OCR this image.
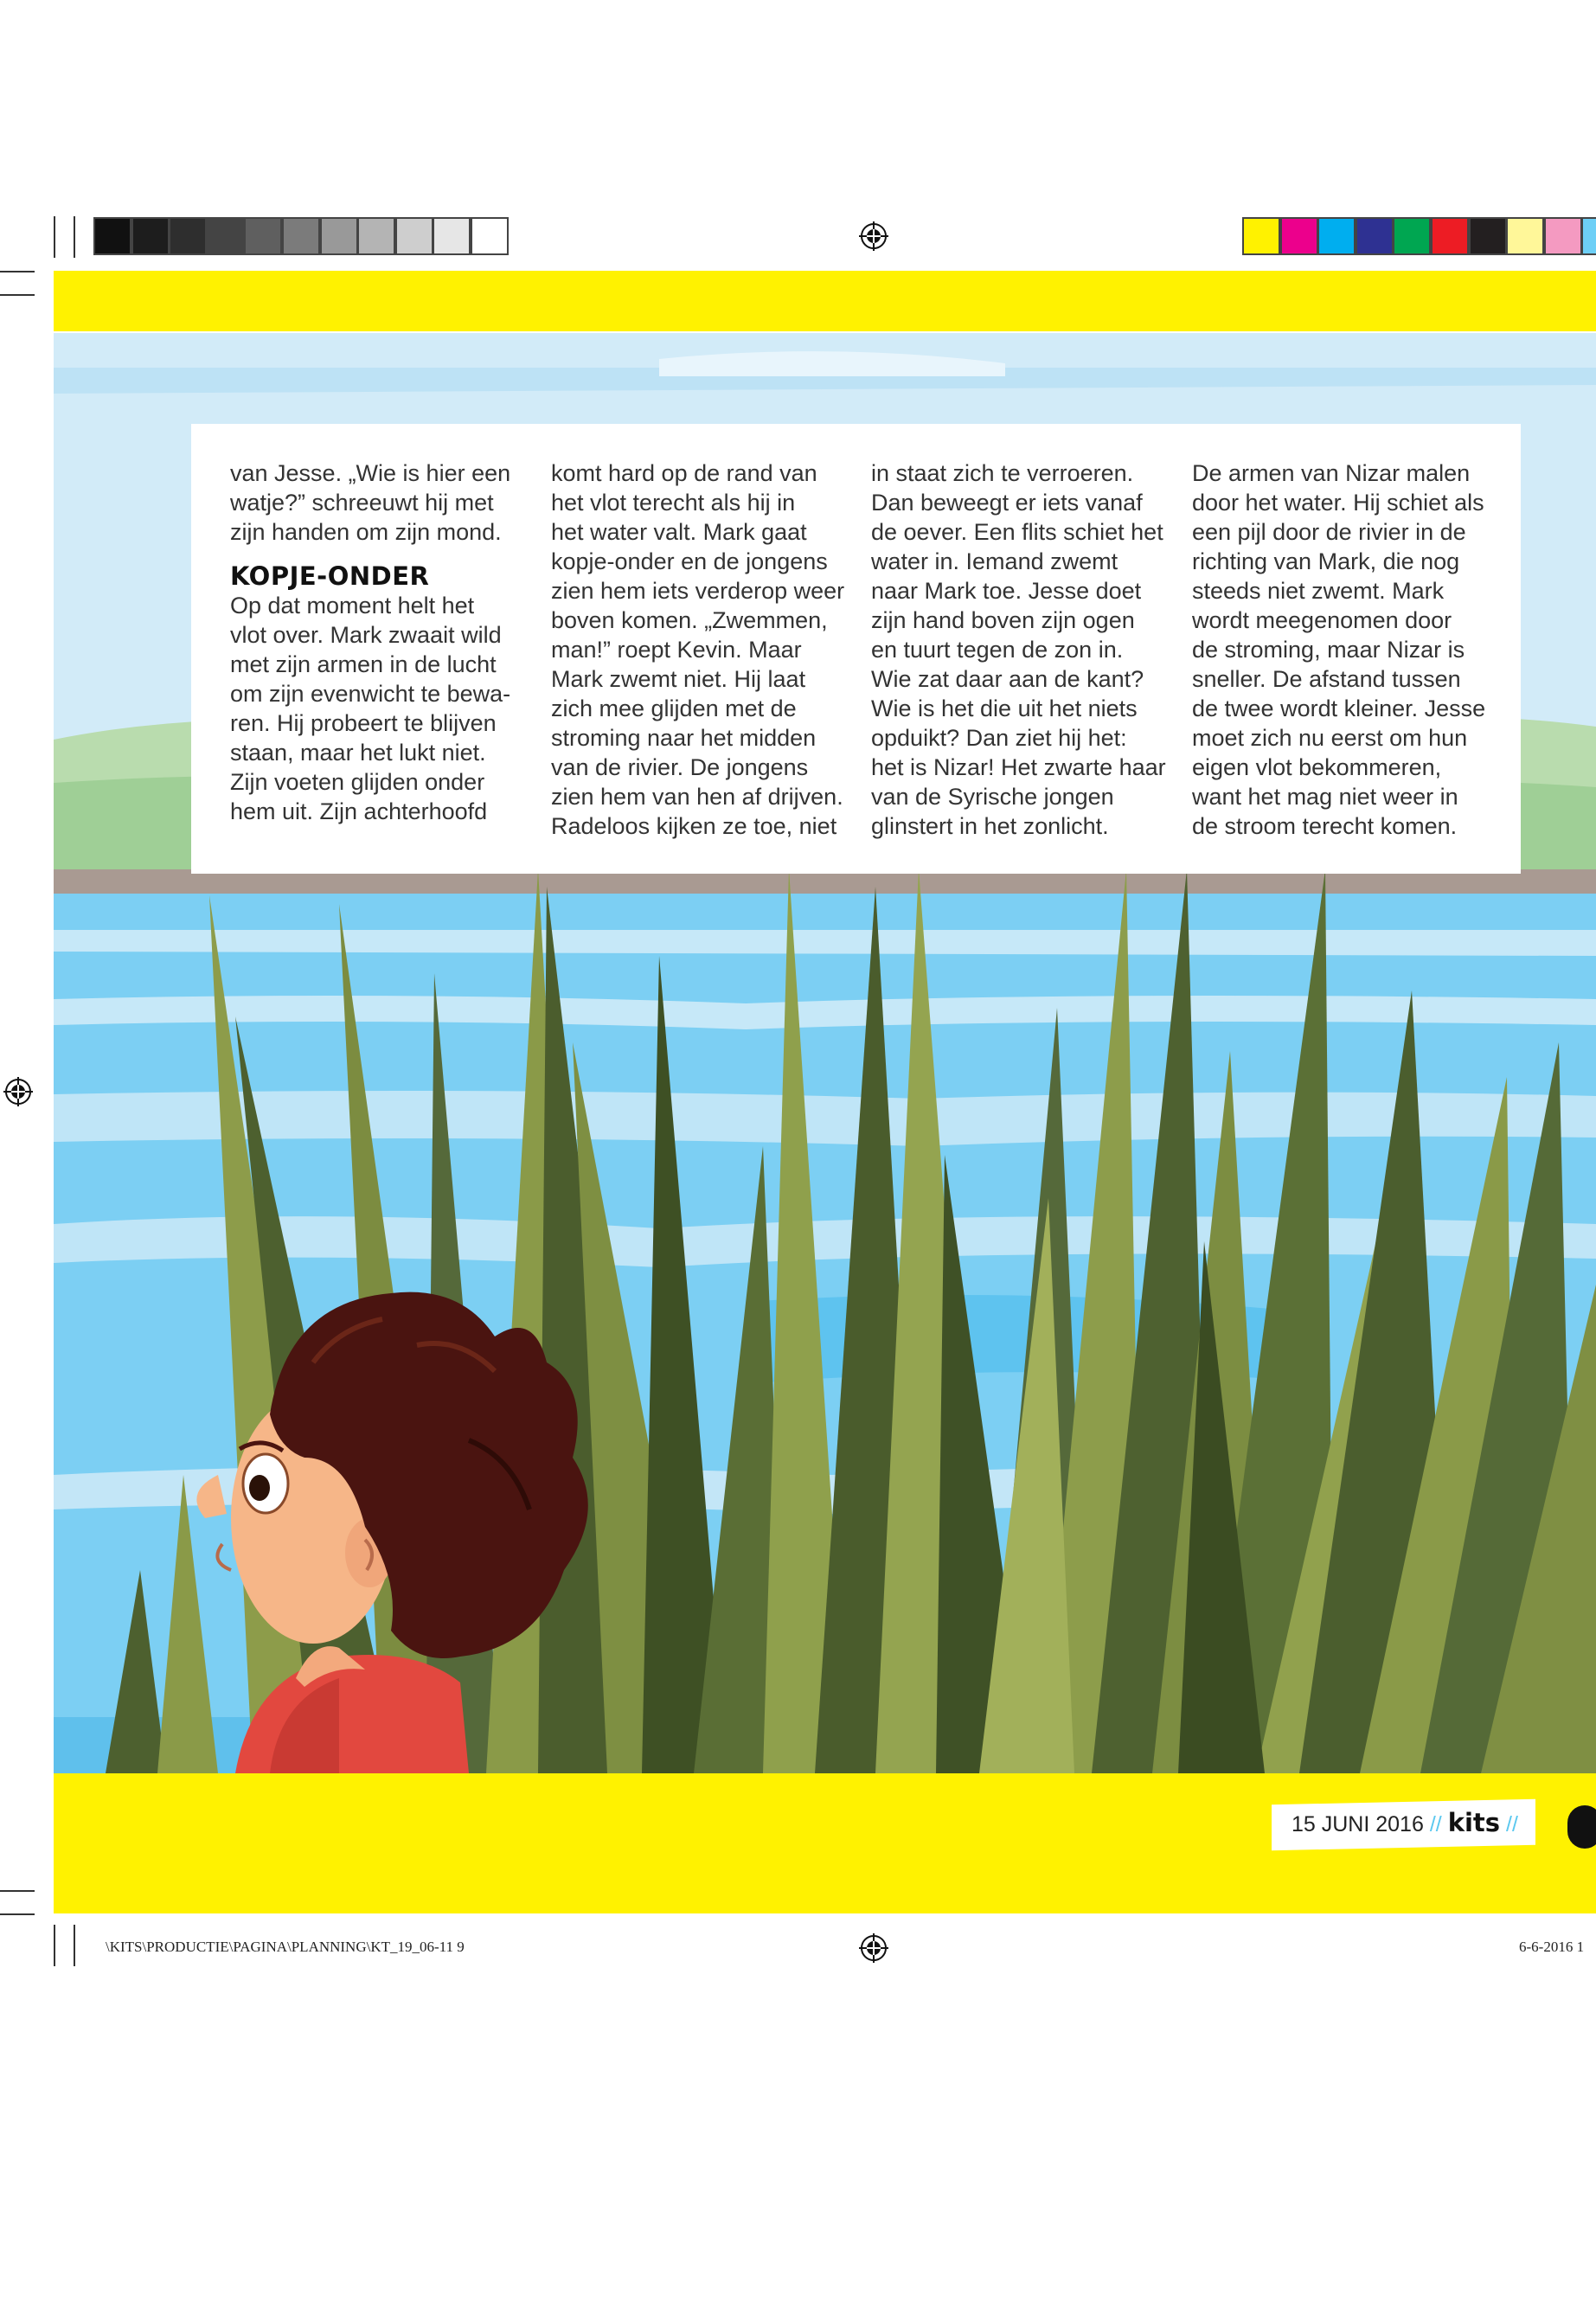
van Jesse. „Wie is hier een
watje?” schreeuwt hij met
zijn handen om zijn mond.

KOPJE-ONDER

Op dat moment helt het
vlot over. Mark zwaait wild
met zijn armen in de lucht
om zijn evenwicht te bewa-
ren. Hij probeert te blijven
staan, maar het lukt niet.
Zijn voeten glijden onder
hem uit. Zijn achterhoofd

komt hard op de rand van
het vlot terecht als hij in
het water valt. Mark gaat
kopje-onder en de jongens
zien hem iets verderop weer
boven komen. „Zwemmen,
man!” roept Kevin. Maar
Mark zwemt niet. Hij laat
zich mee glijden met de
stroming naar het midden
van de rivier. De jongens
zien hem van hen af drijven.
Radeloos kijken ze toe, niet

in staat zich te verroeren.
Dan beweegt er iets vanaf
de oever. Een flits schiet het
water in. Iemand zwemt
naar Mark toe. Jesse doet
zijn hand boven zijn ogen
en tuurt tegen de zon in.
Wie zat daar aan de kant?
Wie is het die uit het niets
opduikt? Dan ziet hij het:
het is Nizar! Het zwarte haar
van de Syrische jongen
glinstert in het zonlicht.

De armen van Nizar malen
door het water. Hij schiet als
een pijl door de rivier in de
richting van Mark, die nog
steeds niet zwemt. Mark
wordt meegenomen door
de stroming, maar Nizar is
sneller. De afstand tussen
de twee wordt kleiner. Jesse
moet zich nu eerst om hun
eigen vlot bekommeren,
want het mag niet weer in
de stroom terecht komen.

15 JUNI 2016 // kits //
\KITS\PRODUCTIE\PAGINA\PLANNING\KT_19_06-11 9	6-6-2016 1
